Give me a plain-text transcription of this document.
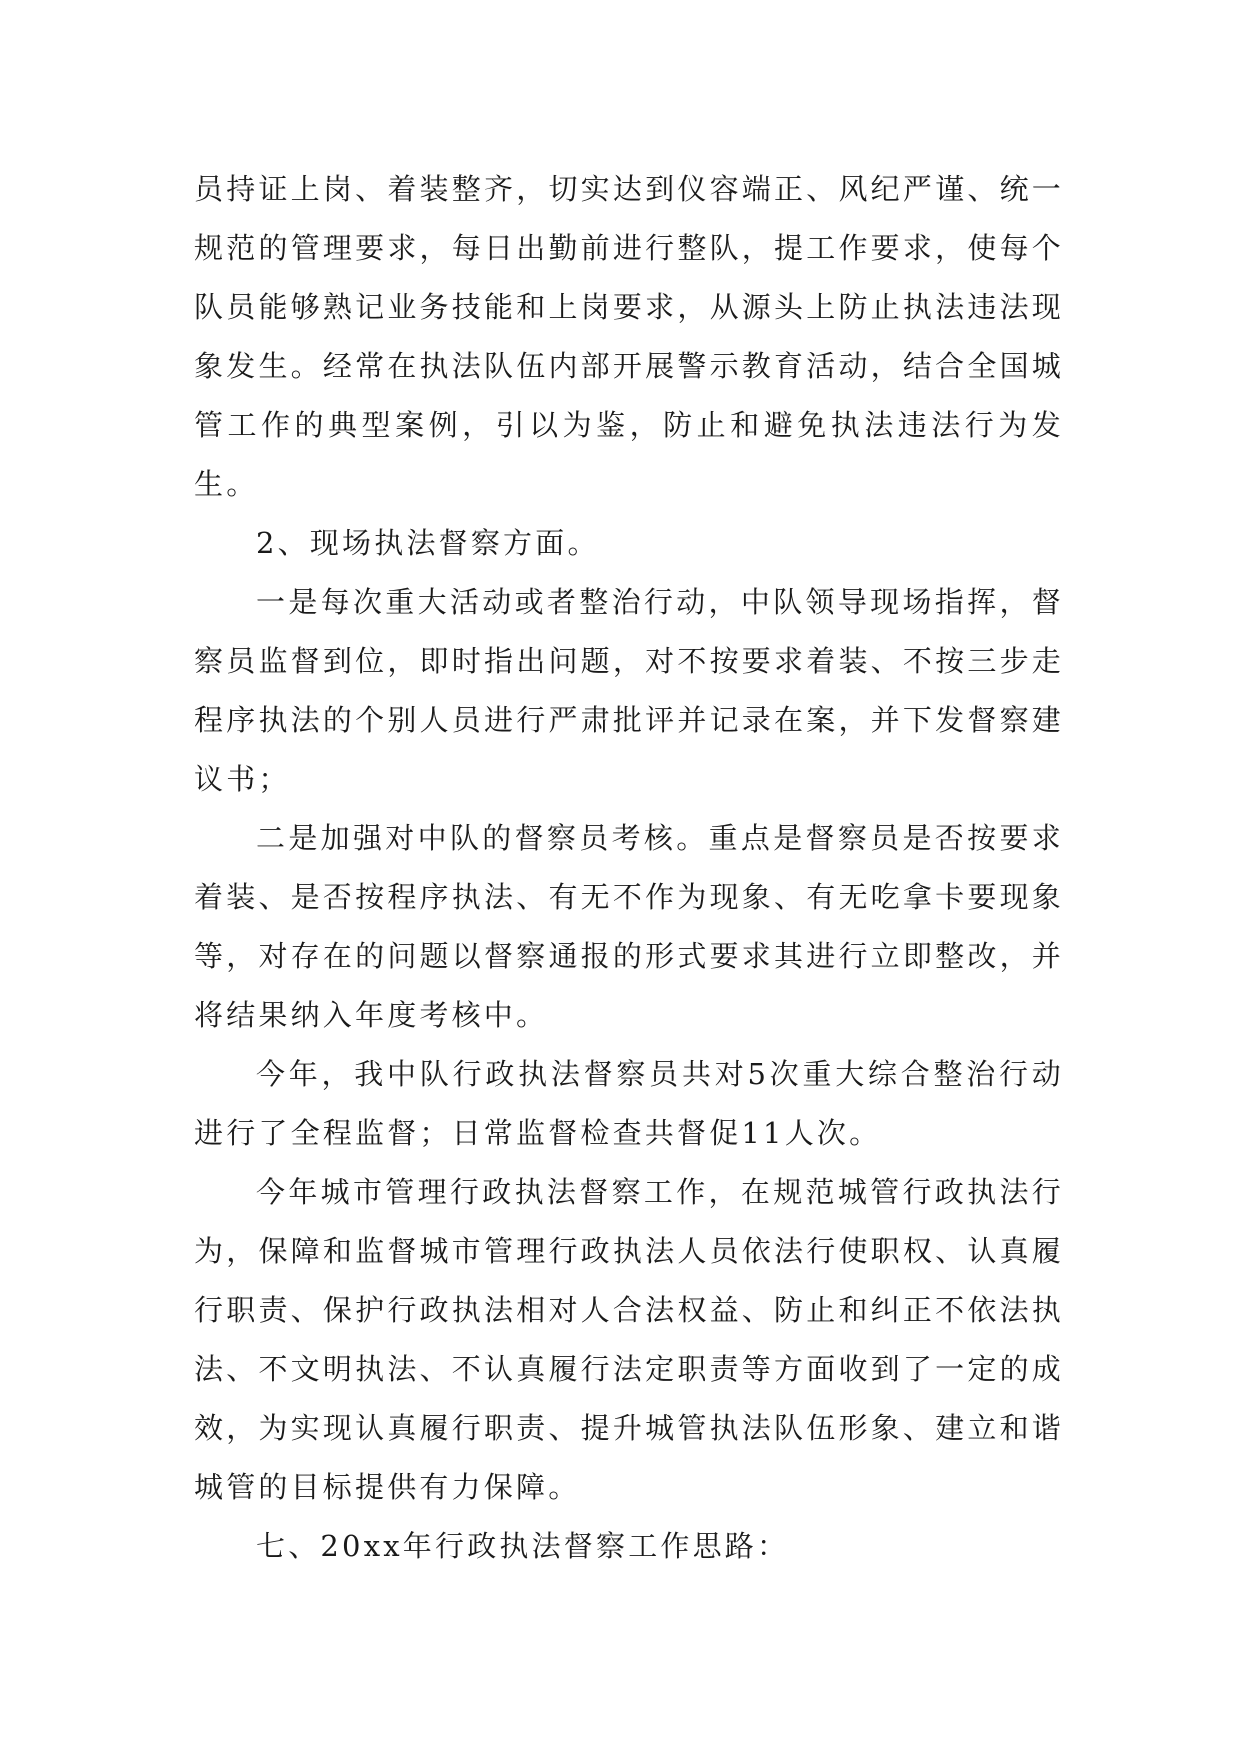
员持证上岗、着装整齐，切实达到仪容端正、风纪严谨、统一规范的管理要求，每日出勤前进行整队，提工作要求，使每个队员能够熟记业务技能和上岗要求，从源头上防止执法违法现象发生。经常在执法队伍内部开展警示教育活动，结合全国城管工作的典型案例，引以为鉴，防止和避免执法违法行为发生。

2、现场执法督察方面。

一是每次重大活动或者整治行动，中队领导现场指挥，督察员监督到位，即时指出问题，对不按要求着装、不按三步走程序执法的个别人员进行严肃批评并记录在案，并下发督察建议书；

二是加强对中队的督察员考核。重点是督察员是否按要求着装、是否按程序执法、有无不作为现象、有无吃拿卡要现象等，对存在的问题以督察通报的形式要求其进行立即整改，并将结果纳入年度考核中。

今年，我中队行政执法督察员共对5次重大综合整治行动进行了全程监督；日常监督检查共督促11人次。

今年城市管理行政执法督察工作，在规范城管行政执法行为，保障和监督城市管理行政执法人员依法行使职权、认真履行职责、保护行政执法相对人合法权益、防止和纠正不依法执法、不文明执法、不认真履行法定职责等方面收到了一定的成效，为实现认真履行职责、提升城管执法队伍形象、建立和谐城管的目标提供有力保障。

七、20xx年行政执法督察工作思路：
